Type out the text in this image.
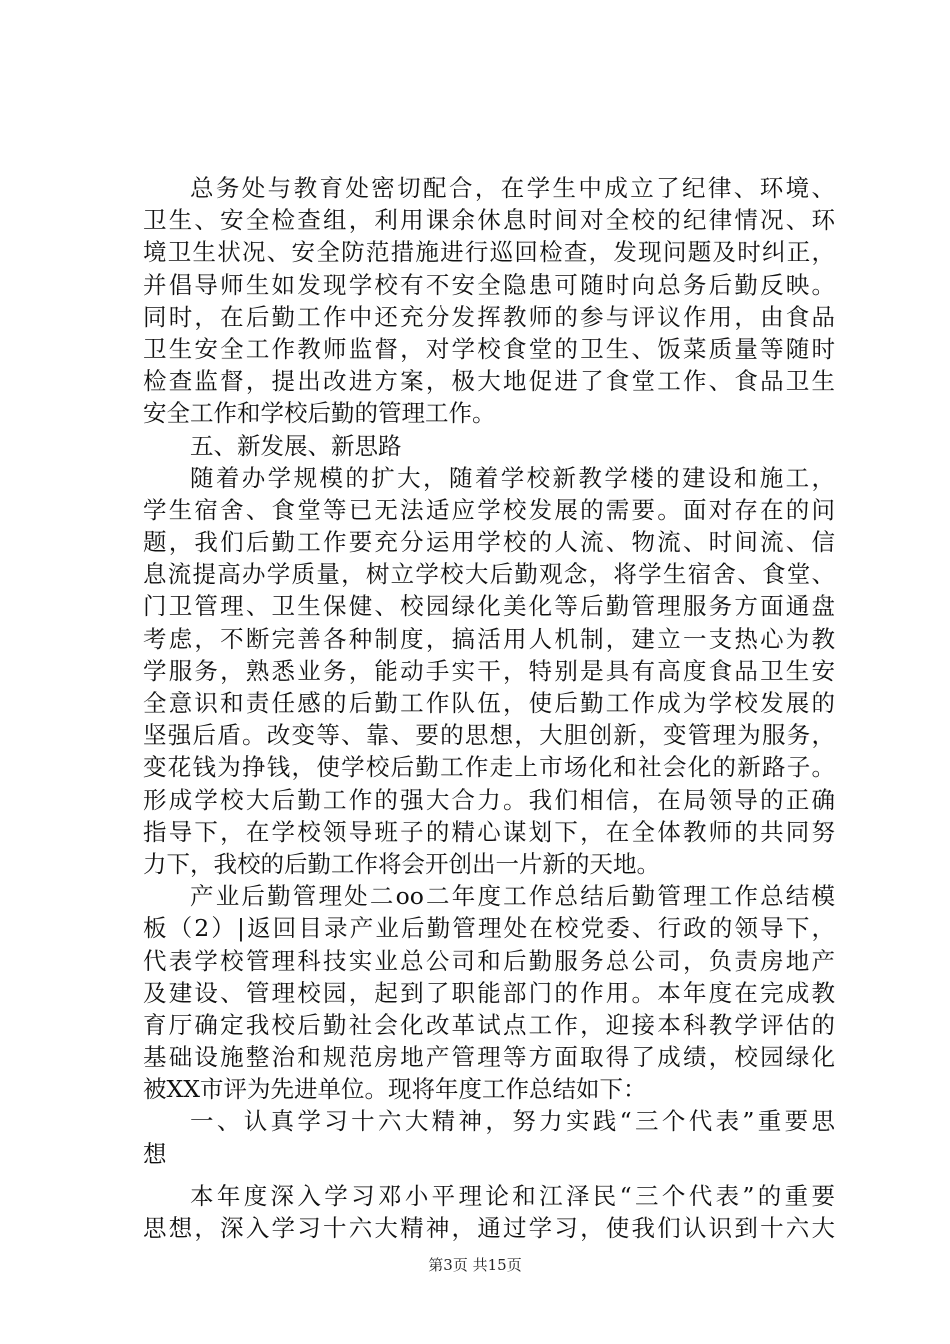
总务处与教育处密切配合，在学生中成立了纪律、环境、
卫生、安全检查组，利用课余休息时间对全校的纪律情况、环
境卫生状况、安全防范措施进行巡回检查，发现问题及时纠正，
并倡导师生如发现学校有不安全隐患可随时向总务后勤反映。
同时，在后勤工作中还充分发挥教师的参与评议作用，由食品
卫生安全工作教师监督，对学校食堂的卫生、饭菜质量等随时
检查监督，提出改进方案，极大地促进了食堂工作、食品卫生
安全工作和学校后勤的管理工作。
五、新发展、新思路
随着办学规模的扩大，随着学校新教学楼的建设和施工，
学生宿舍、食堂等已无法适应学校发展的需要。面对存在的问
题，我们后勤工作要充分运用学校的人流、物流、时间流、信
息流提高办学质量，树立学校大后勤观念，将学生宿舍、食堂、
门卫管理、卫生保健、校园绿化美化等后勤管理服务方面通盘
考虑，不断完善各种制度，搞活用人机制，建立一支热心为教
学服务，熟悉业务，能动手实干，特别是具有高度食品卫生安
全意识和责任感的后勤工作队伍，使后勤工作成为学校发展的
坚强后盾。改变等、靠、要的思想，大胆创新，变管理为服务，
变花钱为挣钱，使学校后勤工作走上市场化和社会化的新路子。
形成学校大后勤工作的强大合力。我们相信，在局领导的正确
指导下，在学校领导班子的精心谋划下，在全体教师的共同努
力下，我校的后勤工作将会开创出一片新的天地。
产业后勤管理处二oo二年度工作总结后勤管理工作总结模
板（2）|返回目录产业后勤管理处在校党委、行政的领导下，
代表学校管理科技实业总公司和后勤服务总公司，负责房地产
及建设、管理校园，起到了职能部门的作用。本年度在完成教
育厅确定我校后勤社会化改革试点工作，迎接本科教学评估的
基础设施整治和规范房地产管理等方面取得了成绩，校园绿化
被XX市评为先进单位。现将年度工作总结如下：
一、认真学习十六大精神，努力实践“三个代表”重要思
想
本年度深入学习邓小平理论和江泽民“三个代表”的重要
思想，深入学习十六大精神，通过学习，使我们认识到十六大
第3页 共15页
